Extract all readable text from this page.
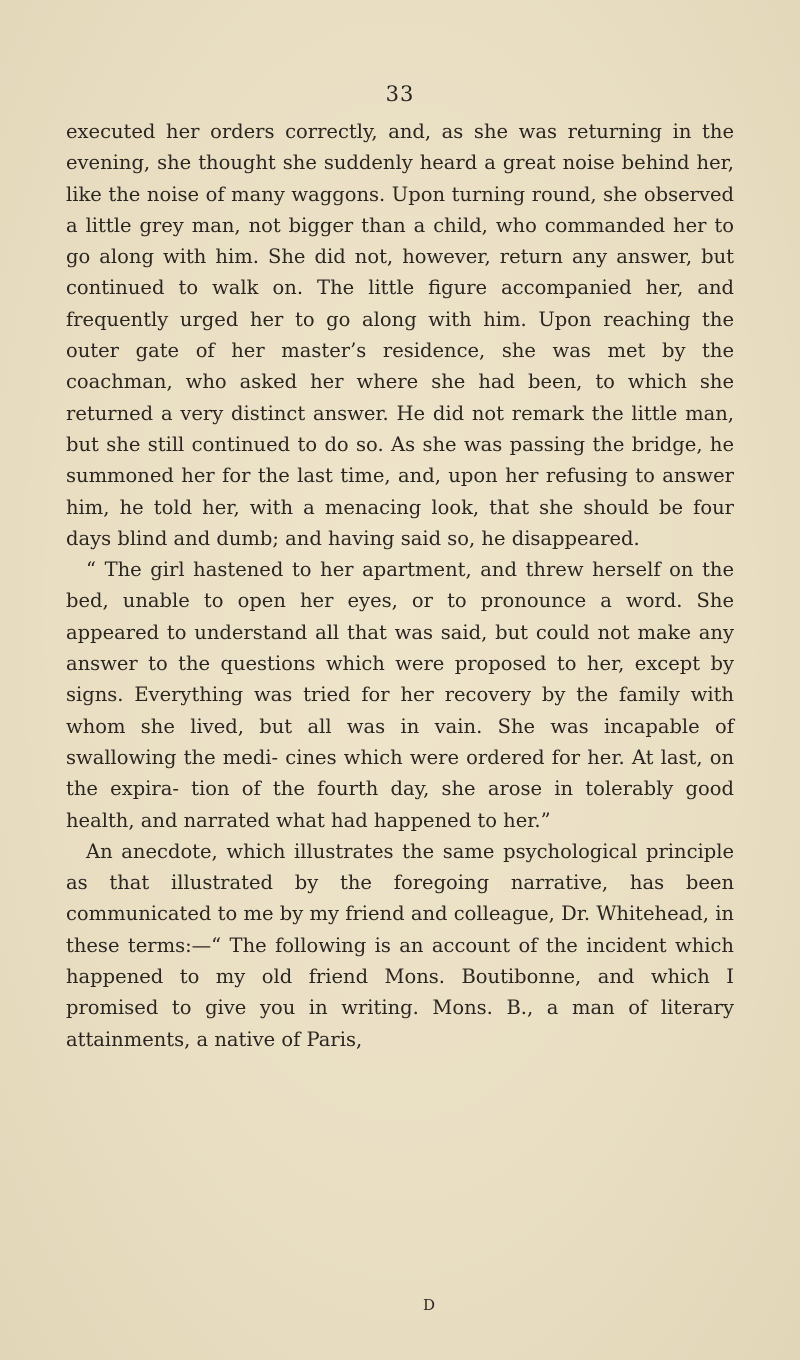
33

executed her orders correctly, and, as she was returning in the evening, she thought she suddenly heard a great noise behind her, like the noise of many waggons. Upon turning round, she observed a little grey man, not bigger than a child, who commanded her to go along with him. She did not, however, return any answer, but continued to walk on. The little figure accompanied her, and frequently urged her to go along with him. Upon reaching the outer gate of her master’s residence, she was met by the coachman, who asked her where she had been, to which she returned a very distinct answer. He did not remark the little man, but she still continued to do so. As she was passing the bridge, he summoned her for the last time, and, upon her refusing to answer him, he told her, with a menacing look, that she should be four days blind and dumb; and having said so, he disappeared.

“ The girl hastened to her apartment, and threw herself on the bed, unable to open her eyes, or to pronounce a word. She appeared to understand all that was said, but could not make any answer to the questions which were proposed to her, except by signs. Everything was tried for her recovery by the family with whom she lived, but all was in vain. She was incapable of swallowing the medi- cines which were ordered for her. At last, on the expira- tion of the fourth day, she arose in tolerably good health, and narrated what had happened to her.”

An anecdote, which illustrates the same psychological principle as that illustrated by the foregoing narrative, has been communicated to me by my friend and colleague, Dr. Whitehead, in these terms:—“ The following is an account of the incident which happened to my old friend Mons. Boutibonne, and which I promised to give you in writing. Mons. B., a man of literary attainments, a native of Paris,

D
